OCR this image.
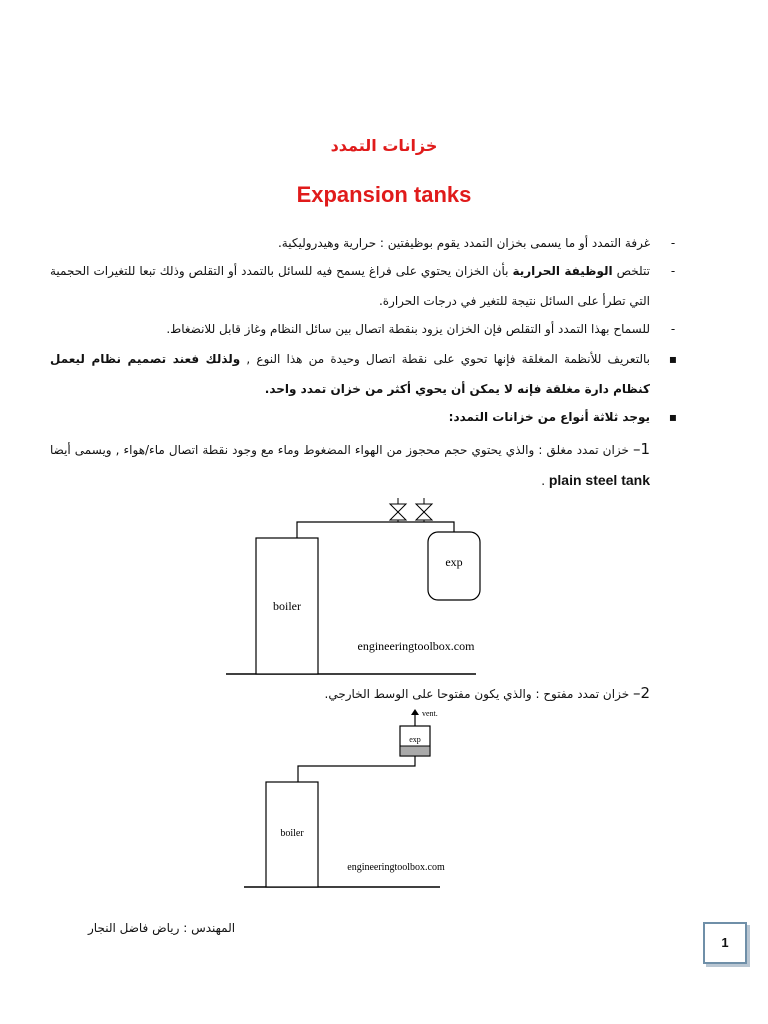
خزانات التمدد
Expansion tanks
-
غرفة التمدد أو ما يسمى بخزان التمدد يقوم بوظيفتين : حرارية وهيدروليكية.
-
تتلخص الوظيفة الحرارية بأن الخزان يحتوي على فراغ يسمح فيه للسائل بالتمدد أو التقلص وذلك تبعا للتغيرات الحجمية التي تطرأ على السائل نتيجة للتغير في درجات الحرارة.
-
للسماح بهذا التمدد أو التقلص فإن الخزان يزود بنقطة اتصال بين سائل النظام وغاز قابل للانضغاط.
▪
بالتعريف للأنظمة المغلقة فإنها تحوي على نقطة اتصال وحيدة من هذا النوع , ولذلك فعند تصميم نظام ليعمل كنظام دارة مغلقة فإنه لا يمكن أن يحوي أكثر من خزان تمدد واحد.
▪
يوجد ثلاثة أنواع من خزانات التمدد:
1– خزان تمدد مغلق : والذي يحتوي حجم محجوز من الهواء المضغوط وماء مع وجود نقطة اتصال ماء/هواء , ويسمى أيضا plain steel tank .
boiler
exp
engineeringtoolbox.com
2– خزان تمدد مفتوح : والذي يكون مفتوحا على الوسط الخارجي.
boiler
exp
vent.
engineeringtoolbox.com
المهندس : رياض فاضل النجار
1
